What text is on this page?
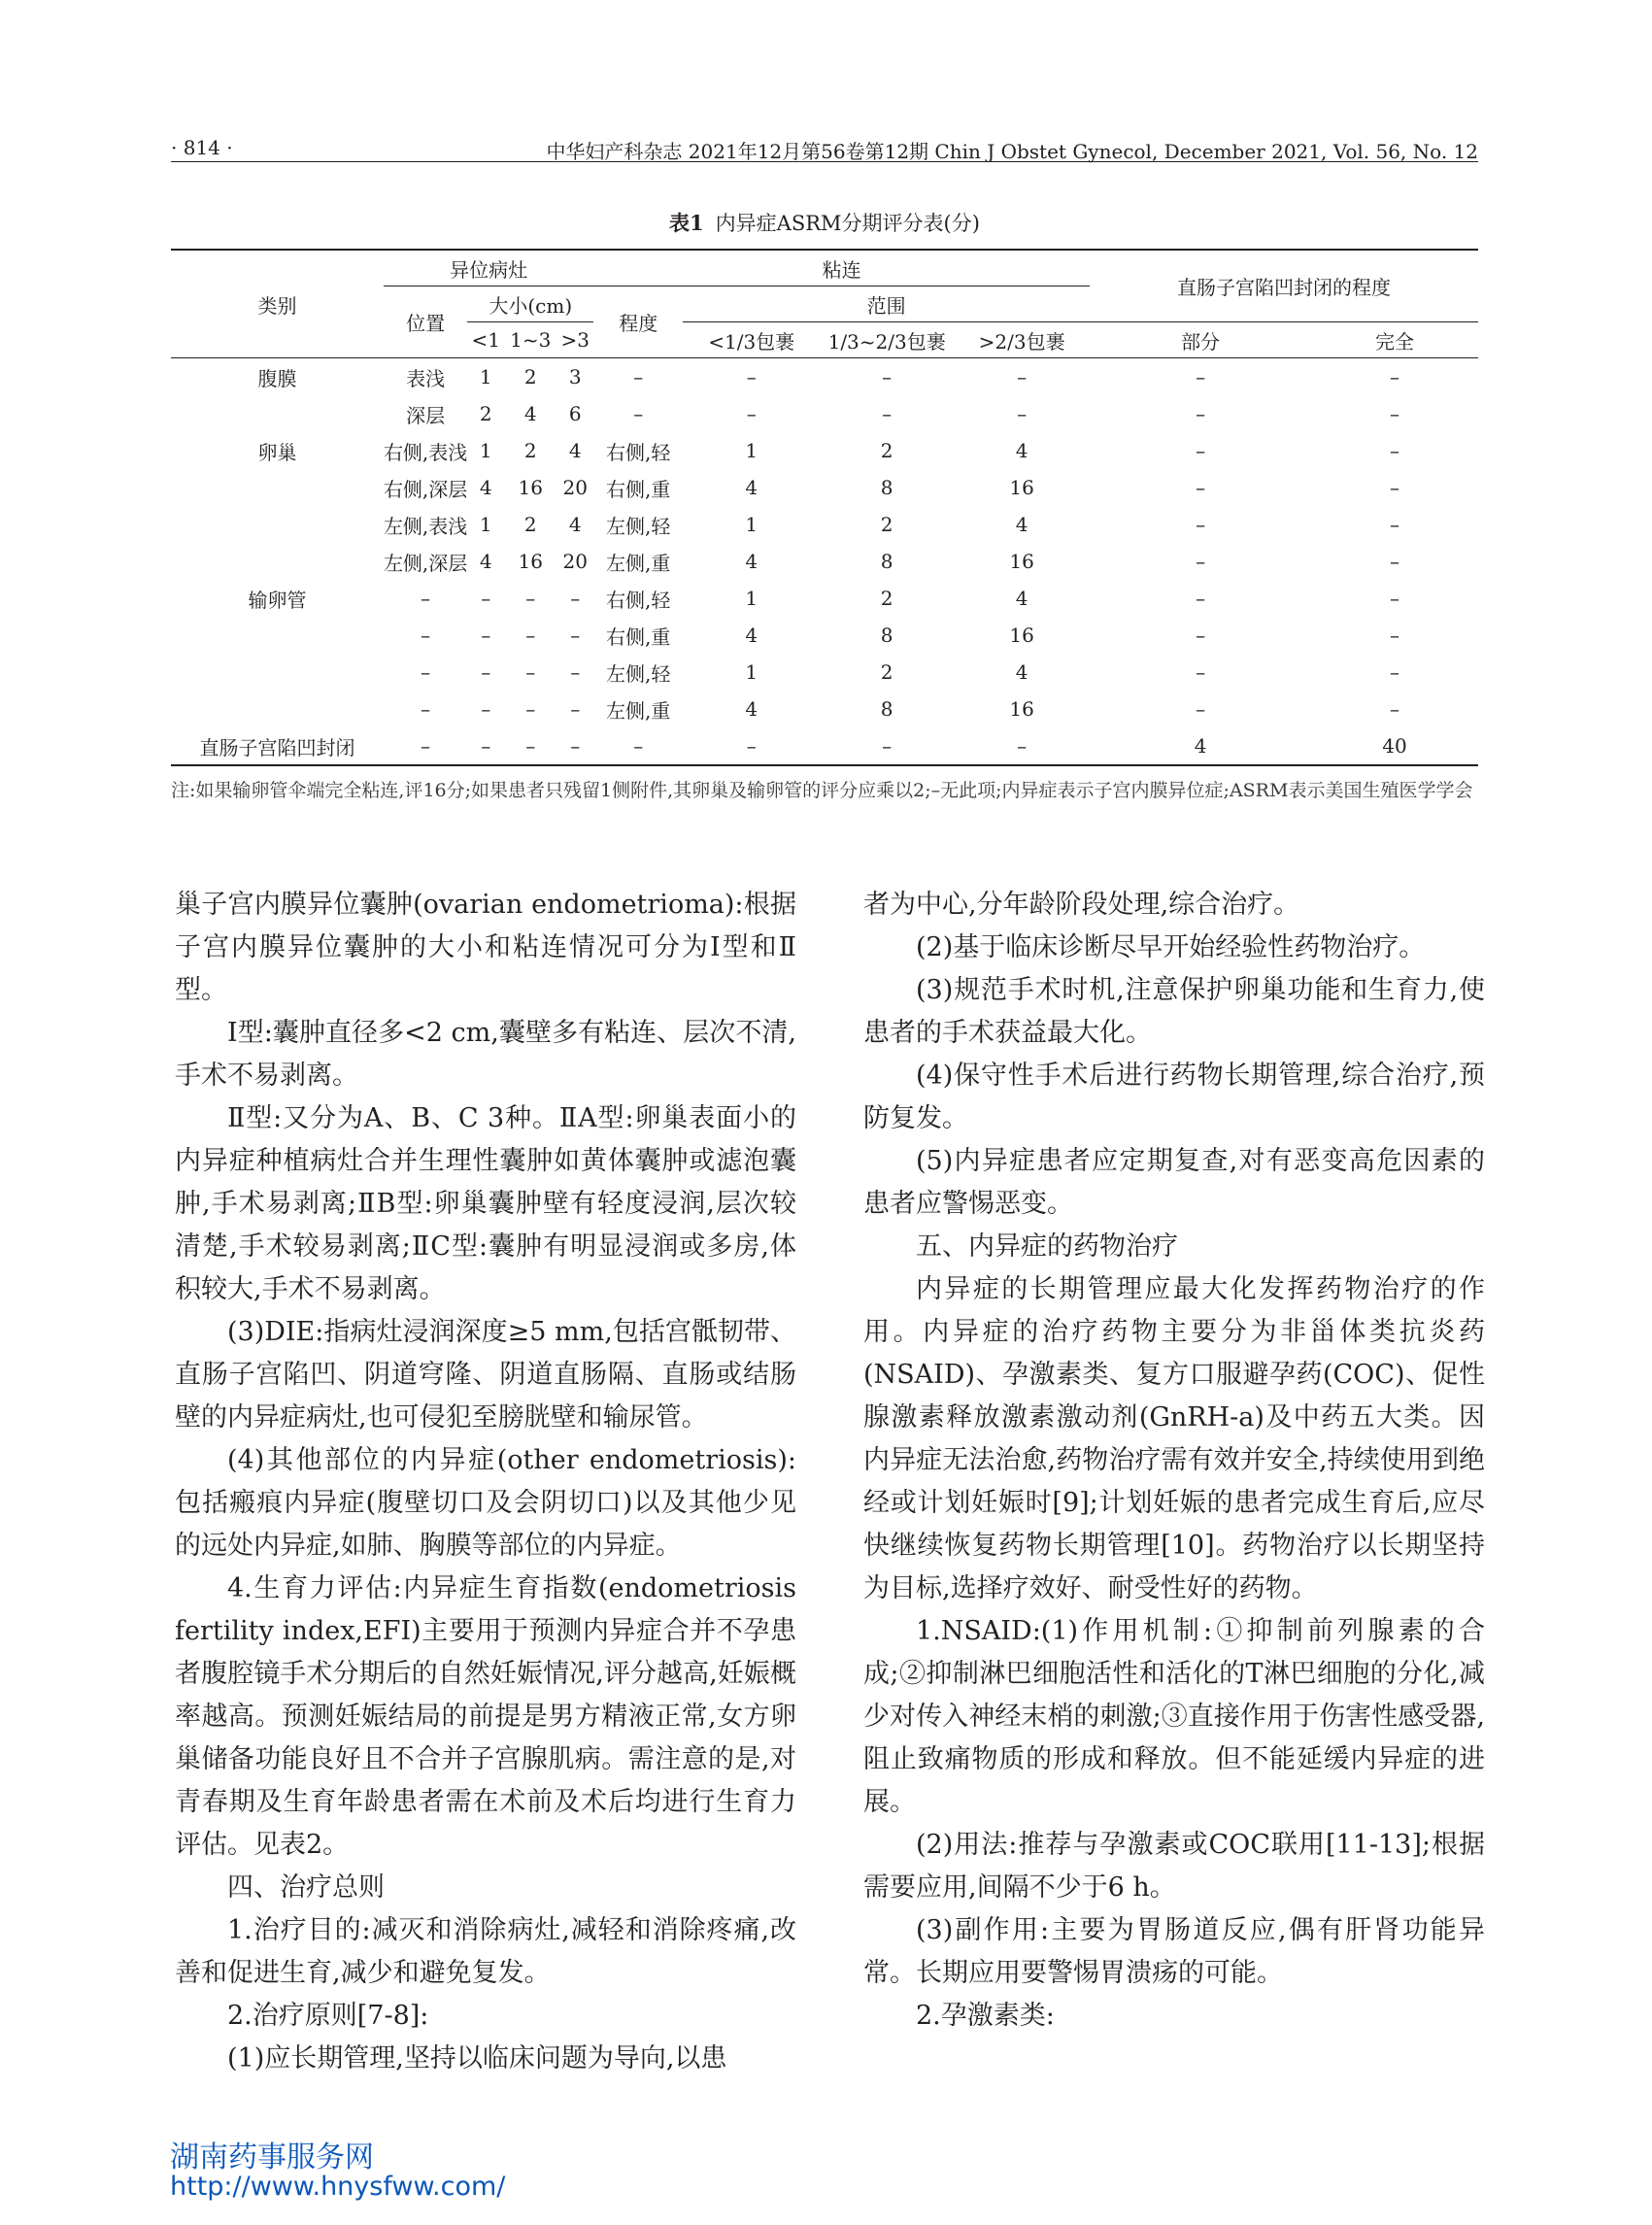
· 814 ·	中华妇产科杂志 2021年12月第56卷第12期 Chin J Obstet Gynecol, December 2021, Vol. 56, No. 12
表1 内异症ASRM分期评分表(分)
类别	异位病灶				粘连				直肠子宫陷凹封闭的程度	
	位置	大小(cm)			程度	范围				
		<1	1~3	>3		<1/3包裹	1/3~2/3包裹	>2/3包裹	部分	完全
腹膜	表浅	1	2	3	–	–	–	–	–	–
	深层	2	4	6	–	–	–	–	–	–
卵巢	右侧,表浅	1	2	4	右侧,轻	1	2	4	–	–
	右侧,深层	4	16	20	右侧,重	4	8	16	–	–
	左侧,表浅	1	2	4	左侧,轻	1	2	4	–	–
	左侧,深层	4	16	20	左侧,重	4	8	16	–	–
输卵管	–	–	–	–	右侧,轻	1	2	4	–	–
	–	–	–	–	右侧,重	4	8	16	–	–
	–	–	–	–	左侧,轻	1	2	4	–	–
	–	–	–	–	左侧,重	4	8	16	–	–
直肠子宫陷凹封闭	–	–	–	–	–	–	–	–	4	40
注:如果输卵管伞端完全粘连,评16分;如果患者只残留1侧附件,其卵巢及输卵管的评分应乘以2;–无此项;内异症表示子宫内膜异位症;ASRM表示美国生殖医学学会

巢子宫内膜异位囊肿(ovarian endometrioma):根据子宫内膜异位囊肿的大小和粘连情况可分为Ⅰ型和Ⅱ型。

Ⅰ型:囊肿直径多<2 cm,囊壁多有粘连、层次不清,手术不易剥离。

Ⅱ型:又分为A、B、C 3种。ⅡA型:卵巢表面小的内异症种植病灶合并生理性囊肿如黄体囊肿或滤泡囊肿,手术易剥离;ⅡB型:卵巢囊肿壁有轻度浸润,层次较清楚,手术较易剥离;ⅡC型:囊肿有明显浸润或多房,体积较大,手术不易剥离。

(3)DIE:指病灶浸润深度≥5 mm,包括宫骶韧带、直肠子宫陷凹、阴道穹隆、阴道直肠隔、直肠或结肠壁的内异症病灶,也可侵犯至膀胱壁和输尿管。

(4)其他部位的内异症(other endometriosis):包括瘢痕内异症(腹壁切口及会阴切口)以及其他少见的远处内异症,如肺、胸膜等部位的内异症。

4.生育力评估:内异症生育指数(endometriosis fertility index,EFI)主要用于预测内异症合并不孕患者腹腔镜手术分期后的自然妊娠情况,评分越高,妊娠概率越高。预测妊娠结局的前提是男方精液正常,女方卵巢储备功能良好且不合并子宫腺肌病。需注意的是,对青春期及生育年龄患者需在术前及术后均进行生育力评估。见表2。

四、治疗总则

1.治疗目的:减灭和消除病灶,减轻和消除疼痛,改善和促进生育,减少和避免复发。

2.治疗原则[7-8]:

(1)应长期管理,坚持以临床问题为导向,以患

者为中心,分年龄阶段处理,综合治疗。

(2)基于临床诊断尽早开始经验性药物治疗。

(3)规范手术时机,注意保护卵巢功能和生育力,使患者的手术获益最大化。

(4)保守性手术后进行药物长期管理,综合治疗,预防复发。

(5)内异症患者应定期复查,对有恶变高危因素的患者应警惕恶变。

五、内异症的药物治疗

内异症的长期管理应最大化发挥药物治疗的作用。内异症的治疗药物主要分为非甾体类抗炎药(NSAID)、孕激素类、复方口服避孕药(COC)、促性腺激素释放激素激动剂(GnRH-a)及中药五大类。因内异症无法治愈,药物治疗需有效并安全,持续使用到绝经或计划妊娠时[9];计划妊娠的患者完成生育后,应尽快继续恢复药物长期管理[10]。药物治疗以长期坚持为目标,选择疗效好、耐受性好的药物。

1.NSAID:(1)作用机制:①抑制前列腺素的合成;②抑制淋巴细胞活性和活化的T淋巴细胞的分化,减少对传入神经末梢的刺激;③直接作用于伤害性感受器,阻止致痛物质的形成和释放。但不能延缓内异症的进展。

(2)用法:推荐与孕激素或COC联用[11-13];根据需要应用,间隔不少于6 h。

(3)副作用:主要为胃肠道反应,偶有肝肾功能异常。长期应用要警惕胃溃疡的可能。

2.孕激素类:

湖南药事服务网
http://www.hnysfww.com/
